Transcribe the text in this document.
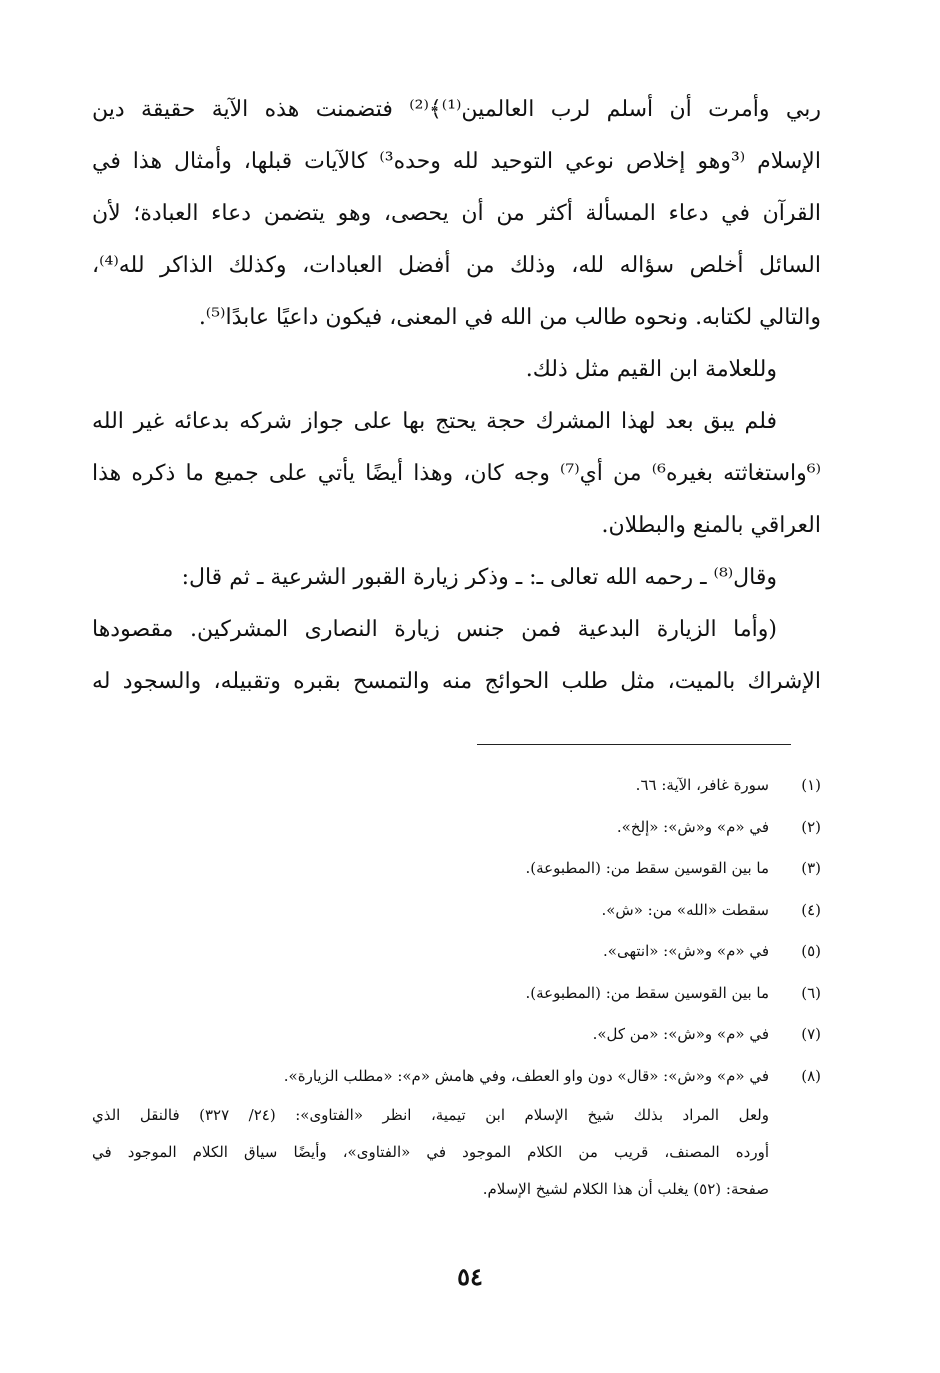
ربي وأمرت أن أسلم لرب العالمين⁽¹⁾﴾⁽²⁾ فتضمنت هذه الآية حقيقة دين
الإسلام ⁽³وهو إخلاص نوعي التوحيد لله وحده³⁾ كالآيات قبلها، وأمثال هذا في
القرآن في دعاء المسألة أكثر من أن يحصى، وهو يتضمن دعاء العبادة؛ لأن
السائل أخلص سؤاله لله، وذلك من أفضل العبادات، وكذلك الذاكر لله⁽⁴⁾،
والتالي لكتابه. ونحوه طالب من الله في المعنى، فيكون داعيًا عابدًا⁽⁵⁾.
وللعلامة ابن القيم مثل ذلك.
فلم يبق بعد لهذا المشرك حجة يحتج بها على جواز شركه بدعائه غير الله
⁽⁶واستغاثته بغيره⁶⁾ من أي⁽⁷⁾ وجه كان، وهذا أيضًا يأتي على جميع ما ذكره هذا
العراقي بالمنع والبطلان.
وقال⁽⁸⁾ ـ رحمه الله تعالى ـ: ـ وذكر زيارة القبور الشرعية ـ ثم قال:
(وأما الزيارة البدعية فمن جنس زيارة النصارى المشركين. مقصودها
الإشراك بالميت، مثل طلب الحوائج منه والتمسح بقبره وتقبيله، والسجود له
(١)
سورة غافر، الآية: ٦٦.
(٢)
في «م» و«ش»: «إلخ».
(٣)
ما بين القوسين سقط من: (المطبوعة).
(٤)
سقطت «الله» من: «ش».
(٥)
في «م» و«ش»: «انتهى».
(٦)
ما بين القوسين سقط من: (المطبوعة).
(٧)
في «م» و«ش»: «من كل».
(٨)
في «م» و«ش»: «قال» دون واو العطف، وفي هامش «م»: «مطلب الزيارة».
ولعل المراد بذلك شيخ الإسلام ابن تيمية، انظر «الفتاوى»: (٢٤/ ٣٢٧) فالنقل الذي
أورده المصنف، قريب من الكلام الموجود في «الفتاوى»، وأيضًا سياق الكلام الموجود في
صفحة: (٥٢) يغلب أن هذا الكلام لشيخ الإسلام.
٥٤
